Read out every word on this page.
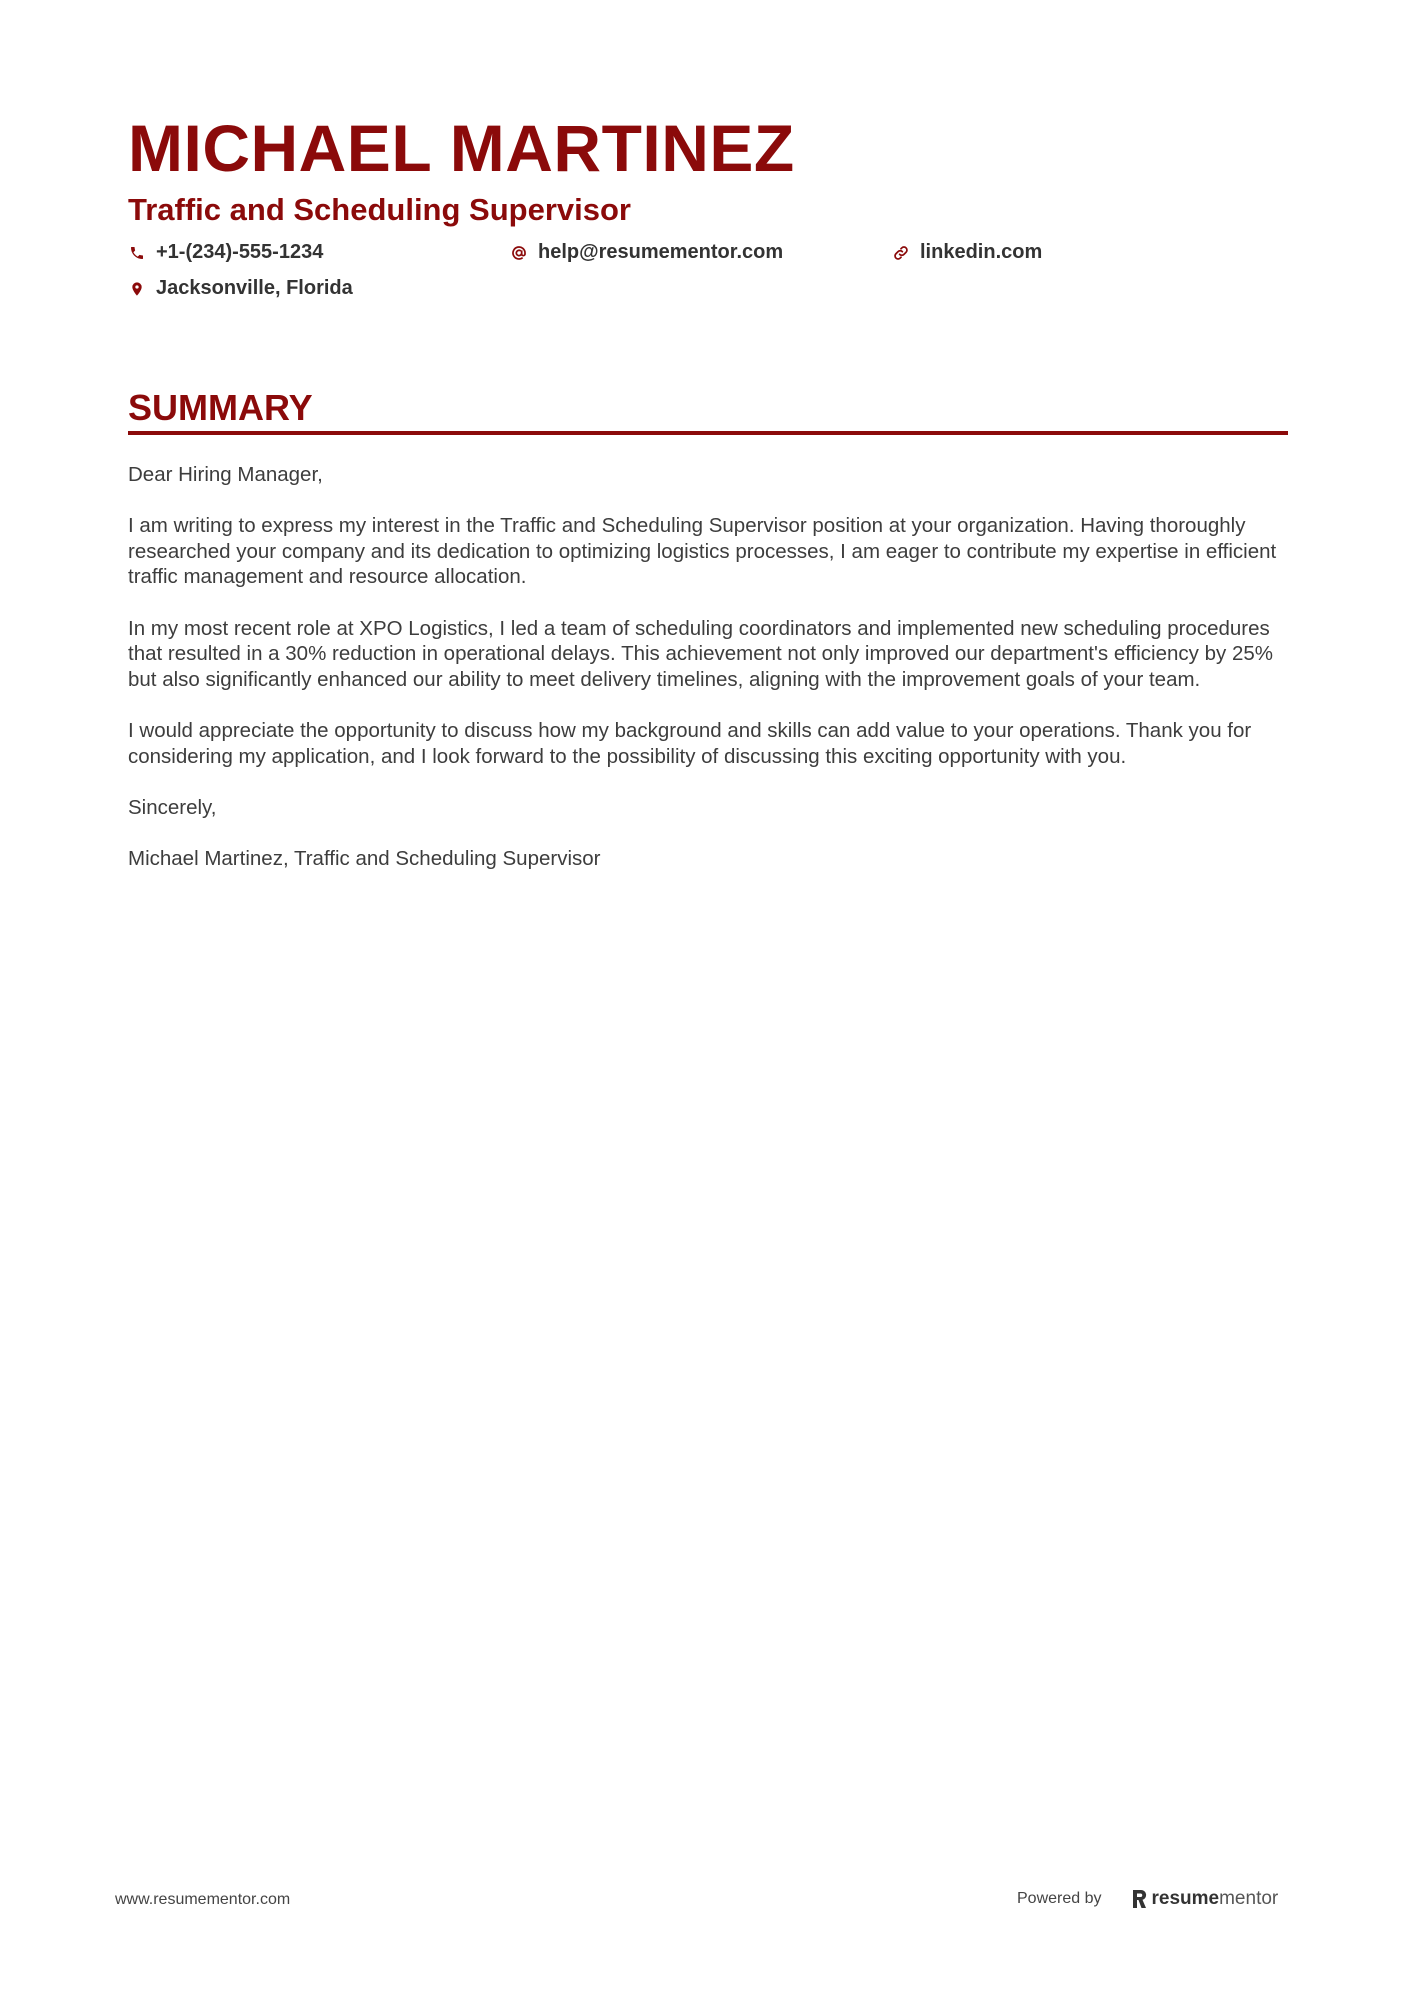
MICHAEL MARTINEZ
Traffic and Scheduling Supervisor
+1-(234)-555-1234	help@resumementor.com	linkedin.com
Jacksonville, Florida
SUMMARY

Dear Hiring Manager,

I am writing to express my interest in the Traffic and Scheduling Supervisor position at your organization. Having thoroughly researched your company and its dedication to optimizing logistics processes, I am eager to contribute my expertise in efficient traffic management and resource allocation.

In my most recent role at XPO Logistics, I led a team of scheduling coordinators and implemented new scheduling procedures that resulted in a 30% reduction in operational delays. This achievement not only improved our department's efficiency by 25% but also significantly enhanced our ability to meet delivery timelines, aligning with the improvement goals of your team.

I would appreciate the opportunity to discuss how my background and skills can add value to your operations. Thank you for considering my application, and I look forward to the possibility of discussing this exciting opportunity with you.

Sincerely,

Michael Martinez, Traffic and Scheduling Supervisor

www.resumementor.com	Powered by	resume mentor
